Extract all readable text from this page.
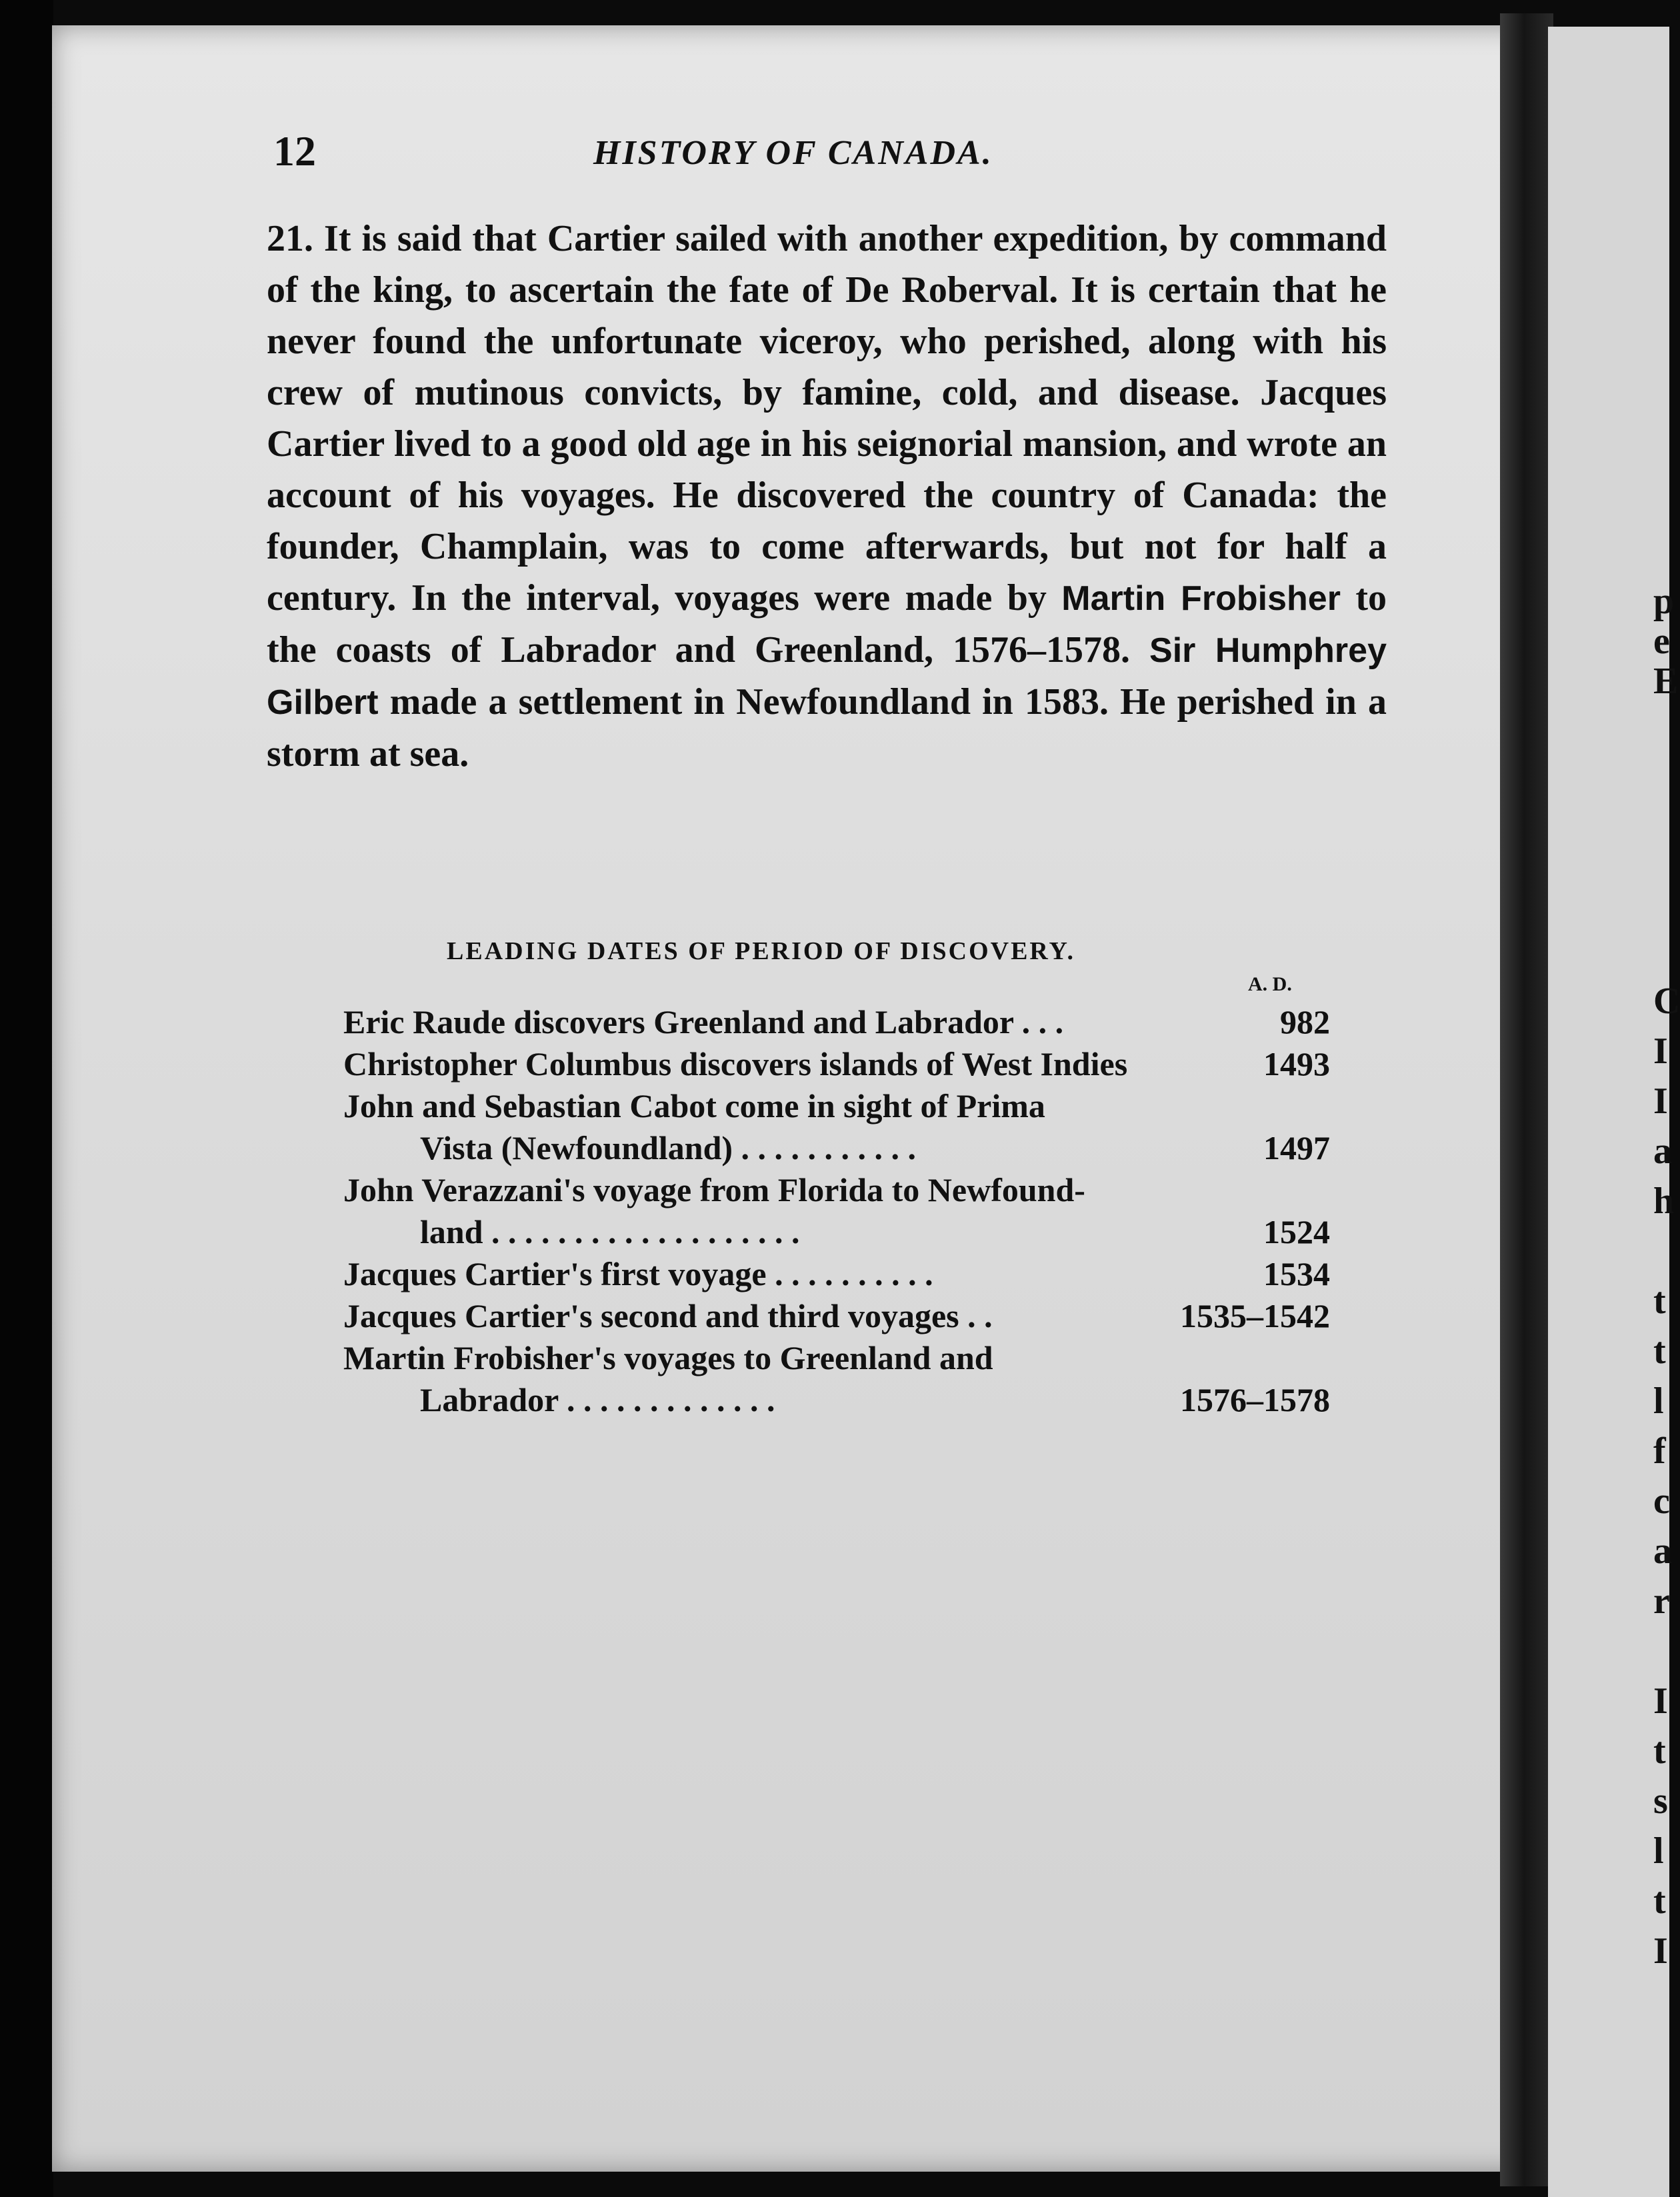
p
e
E
C
I
I
a
h
t
t
l
f
c
a
r
I
t
s
l
t
I
12	HISTORY OF CANADA.
21. It is said that Cartier sailed with another expedition, by command of the king, to ascertain the fate of De Roberval. It is certain that he never found the unfortunate viceroy, who perished, along with his crew of mutinous convicts, by famine, cold, and disease. Jacques Cartier lived to a good old age in his seignorial mansion, and wrote an account of his voyages. He discovered the country of Canada: the founder, Champlain, was to come afterwards, but not for half a century. In the interval, voyages were made by Martin Frobisher to the coasts of Labrador and Greenland, 1576–1578. Sir Humphrey Gilbert made a settlement in Newfoundland in 1583. He perished in a storm at sea.
LEADING DATES OF PERIOD OF DISCOVERY.
A. D.
Eric Raude discovers Greenland and Labrador . . .	982
Christopher Columbus discovers islands of West Indies	1493
John and Sebastian Cabot come in sight of Prima
Vista (Newfoundland) . . . . . . . . . . .	1497
John Verazzani's voyage from Florida to Newfound-
land . . . . . . . . . . . . . . . . . . .	1524
Jacques Cartier's first voyage . . . . . . . . . .	1534
Jacques Cartier's second and third voyages . .	1535–1542
Martin Frobisher's voyages to Greenland and
Labrador . . . . . . . . . . . . .	1576–1578
